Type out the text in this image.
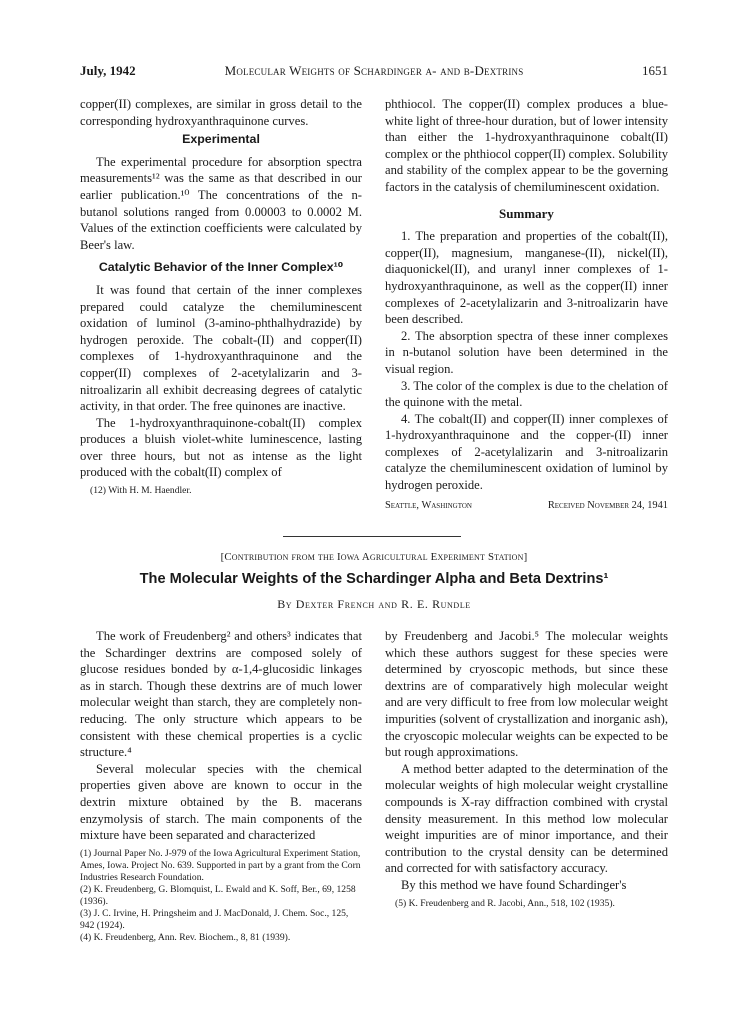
July, 1942	Molecular Weights of Schardinger α- and β-Dextrins	1651

copper(II) complexes, are similar in gross detail to the corresponding hydroxyanthraquinone curves.

Experimental

The experimental procedure for absorption spectra measurements¹² was the same as that described in our earlier publication.¹⁰ The concentrations of the n-butanol solutions ranged from 0.00003 to 0.0002 M. Values of the extinction coefficients were calculated by Beer's law.

Catalytic Behavior of the Inner Complex¹⁰

It was found that certain of the inner complexes prepared could catalyze the chemiluminescent oxidation of luminol (3-amino-phthalhydrazide) by hydrogen peroxide. The cobalt-(II) and copper(II) complexes of 1-hydroxyanthraquinone and the copper(II) complexes of 2-acetylalizarin and 3-nitroalizarin all exhibit decreasing degrees of catalytic activity, in that order. The free quinones are inactive.

The 1-hydroxyanthraquinone-cobalt(II) complex produces a bluish violet-white luminescence, lasting over three hours, but not as intense as the light produced with the cobalt(II) complex of

(12) With H. M. Haendler.

phthiocol. The copper(II) complex produces a blue-white light of three-hour duration, but of lower intensity than either the 1-hydroxyanthraquinone cobalt(II) complex or the phthiocol copper(II) complex. Solubility and stability of the complex appear to be the governing factors in the catalysis of chemiluminescent oxidation.

Summary

1. The preparation and properties of the cobalt(II), copper(II), magnesium, manganese-(II), nickel(II), diaquonickel(II), and uranyl inner complexes of 1-hydroxyanthraquinone, as well as the copper(II) inner complexes of 2-acetylalizarin and 3-nitroalizarin have been described.

2. The absorption spectra of these inner complexes in n-butanol solution have been determined in the visual region.

3. The color of the complex is due to the chelation of the quinone with the metal.

4. The cobalt(II) and copper(II) inner complexes of 1-hydroxyanthraquinone and the copper-(II) inner complexes of 2-acetylalizarin and 3-nitroalizarin catalyze the chemiluminescent oxidation of luminol by hydrogen peroxide.

Seattle, Washington	Received November 24, 1941
[Contribution from the Iowa Agricultural Experiment Station]
The Molecular Weights of the Schardinger Alpha and Beta Dextrins¹
By Dexter French and R. E. Rundle

The work of Freudenberg² and others³ indicates that the Schardinger dextrins are composed solely of glucose residues bonded by α-1,4-glucosidic linkages as in starch. Though these dextrins are of much lower molecular weight than starch, they are completely non-reducing. The only structure which appears to be consistent with these chemical properties is a cyclic structure.⁴

Several molecular species with the chemical properties given above are known to occur in the dextrin mixture obtained by the B. macerans enzymolysis of starch. The main components of the mixture have been separated and characterized

(1) Journal Paper No. J-979 of the Iowa Agricultural Experiment Station, Ames, Iowa. Project No. 639. Supported in part by a grant from the Corn Industries Research Foundation.

(2) K. Freudenberg, G. Blomquist, L. Ewald and K. Soff, Ber., 69, 1258 (1936).

(3) J. C. Irvine, H. Pringsheim and J. MacDonald, J. Chem. Soc., 125, 942 (1924).

(4) K. Freudenberg, Ann. Rev. Biochem., 8, 81 (1939).

by Freudenberg and Jacobi.⁵ The molecular weights which these authors suggest for these species were determined by cryoscopic methods, but since these dextrins are of comparatively high molecular weight and are very difficult to free from low molecular weight impurities (solvent of crystallization and inorganic ash), the cryoscopic molecular weights can be expected to be but rough approximations.

A method better adapted to the determination of the molecular weights of high molecular weight crystalline compounds is X-ray diffraction combined with crystal density measurement. In this method low molecular weight impurities are of minor importance, and their contribution to the crystal density can be determined and corrected for with satisfactory accuracy.

By this method we have found Schardinger's

(5) K. Freudenberg and R. Jacobi, Ann., 518, 102 (1935).
